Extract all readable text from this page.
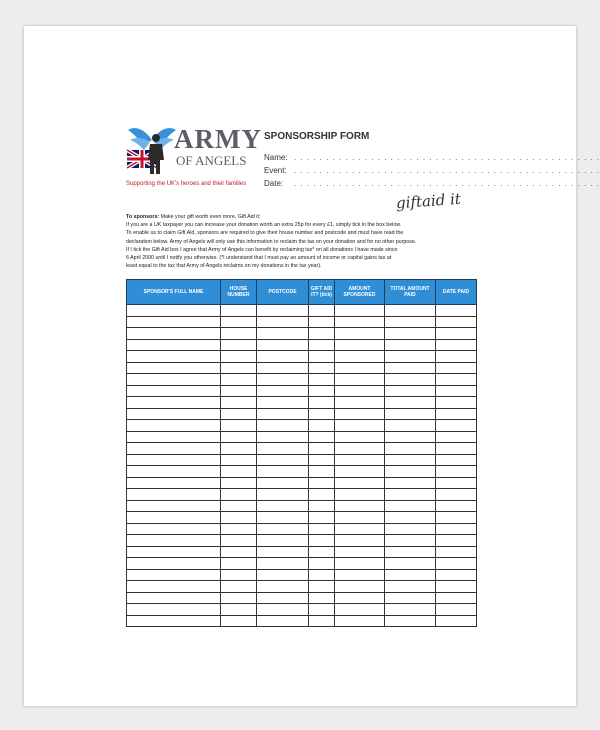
ARMY
OF ANGELS
Supporting the UK's heroes and their families
SPONSORSHIP FORM
Name: . . . . . . . . . . . . . . . . . . . . . . . . . . . . . . . . . . . . . . . . . . . . . . . .
Event: . . . . . . . . . . . . . . . . . . . . . . . . . . . . . . . . . . . . . . . . . . . . . . . .
Date: . . . . . . . . . . . . . . . . . . . . . . . . . . . . . . . . . . . . . . . . . . . . . . . .
giftaid it

To sponsors: Make your gift worth even more, Gift Aid it:

If you are a UK taxpayer you can increase your donation worth an extra 25p for every £1, simply tick in the box below.

To enable us to claim Gift Aid, sponsors are required to give their house number and postcode and must have read the

declaration below. Army of Angels will only use this information to reclaim the tax on your donation and for no other purpose.

If I tick the Gift Aid box I agree that Army of Angels can benefit by reclaiming tax* on all donations I have made since

6 April 2000 until I notify you otherwise. (*I understand that I must pay an amount of income or capital gains tax at

least equal to the tax that Army of Angels reclaims on my donations in the tax year).

SPONSOR'S FULL NAME	HOUSE NUMBER	POSTCODE	GIFT AID IT? (tick)	AMOUNT SPONSORED	TOTAL AMOUNT PAID	DATE PAID
